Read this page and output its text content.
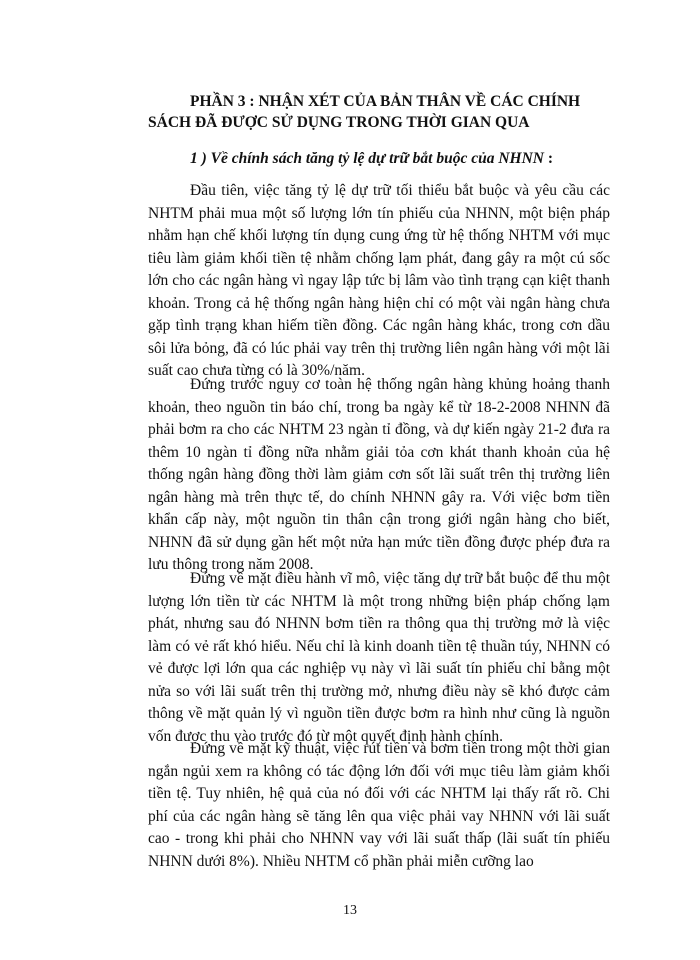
PHẦN 3 : NHẬN XÉT CỦA BẢN THÂN VỀ CÁC CHÍNH
SÁCH ĐÃ ĐƯỢC SỬ DỤNG TRONG THỜI GIAN QUA
1 ) Về chính sách tăng tỷ lệ dự trữ bắt buộc của NHNN :

Đầu tiên, việc tăng tỷ lệ dự trữ tối thiểu bắt buộc và yêu cầu các NHTM phải mua một số lượng lớn tín phiếu của NHNN, một biện pháp nhằm hạn chế khối lượng tín dụng cung ứng từ hệ thống NHTM với mục tiêu làm giảm khối tiền tệ nhằm chống lạm phát, đang gây ra một cú sốc lớn cho các ngân hàng vì ngay lập tức bị lâm vào tình trạng cạn kiệt thanh khoản. Trong cả hệ thống ngân hàng hiện chỉ có một vài ngân hàng chưa gặp tình trạng khan hiếm tiền đồng. Các ngân hàng khác, trong cơn dầu sôi lửa bỏng, đã có lúc phải vay trên thị trường liên ngân hàng với một lãi suất cao chưa từng có là 30%/năm.

Đứng trước nguy cơ toàn hệ thống ngân hàng khủng hoảng thanh khoản, theo nguồn tin báo chí, trong ba ngày kể từ 18-2-2008 NHNN đã phải bơm ra cho các NHTM 23 ngàn tỉ đồng, và dự kiến ngày 21-2 đưa ra thêm 10 ngàn tỉ đồng nữa nhằm giải tỏa cơn khát thanh khoản của hệ thống ngân hàng đồng thời làm giảm cơn sốt lãi suất trên thị trường liên ngân hàng mà trên thực tế, do chính NHNN gây ra. Với việc bơm tiền khẩn cấp này, một nguồn tin thân cận trong giới ngân hàng cho biết, NHNN đã sử dụng gần hết một nửa hạn mức tiền đồng được phép đưa ra lưu thông trong năm 2008.

Đứng về mặt điều hành vĩ mô, việc tăng dự trữ bắt buộc để thu một lượng lớn tiền từ các NHTM là một trong những biện pháp chống lạm phát, nhưng sau đó NHNN bơm tiền ra thông qua thị trường mở là việc làm có vẻ rất khó hiểu. Nếu chỉ là kinh doanh tiền tệ thuần túy, NHNN có vẻ được lợi lớn qua các nghiệp vụ này vì lãi suất tín phiếu chỉ bằng một nửa so với lãi suất trên thị trường mở, nhưng điều này sẽ khó được cảm thông về mặt quản lý vì nguồn tiền được bơm ra hình như cũng là nguồn vốn được thu vào trước đó từ một quyết định hành chính.

Đứng về mặt kỹ thuật, việc rút tiền và bơm tiền trong một thời gian ngắn ngủi xem ra không có tác động lớn đối với mục tiêu làm giảm khối tiền tệ. Tuy nhiên, hệ quả của nó đối với các NHTM lại thấy rất rõ. Chi phí của các ngân hàng sẽ tăng lên qua việc phải vay NHNN với lãi suất cao - trong khi phải cho NHNN vay với lãi suất thấp (lãi suất tín phiếu NHNN dưới 8%). Nhiều NHTM cổ phần phải miễn cưỡng lao

13
